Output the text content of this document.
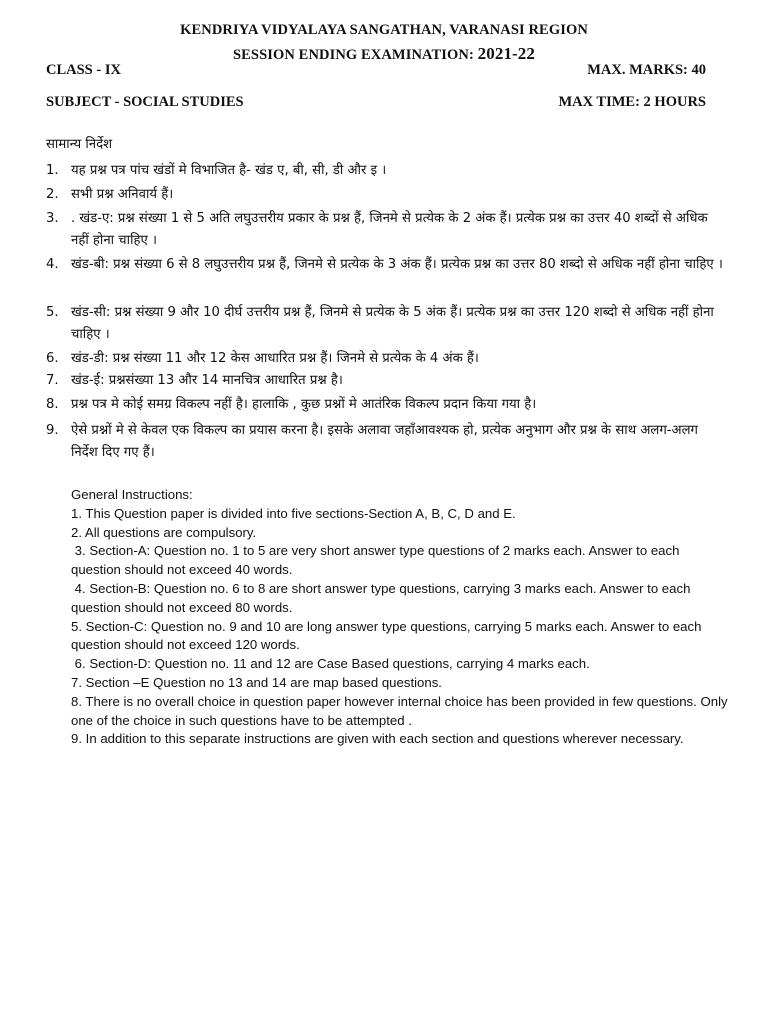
KENDRIYA VIDYALAYA SANGATHAN, VARANASI REGION
SESSION ENDING EXAMINATION: 2021-22
CLASS - IX	MAX. MARKS: 40
SUBJECT - SOCIAL STUDIES	MAX TIME: 2 HOURS
सामान्य निर्देश
1. यह प्रश्न पत्र पांच खंडों मे विभाजित है- खंड ए, बी, सी, डी और इ ।
2. सभी प्रश्न अनिवार्य हैं।
3. . खंड-ए: प्रश्न संख्या 1 से 5 अति लघुउत्तरीय प्रकार के प्रश्न हैं, जिनमे से प्रत्येक के 2 अंक हैं। प्रत्येक प्रश्न का उत्तर 40 शब्दों से अधिक नहीं होना चाहिए ।
4. खंड-बी: प्रश्न संख्या 6 से 8 लघुउत्तरीय प्रश्न हैं, जिनमे से प्रत्येक के 3 अंक हैं। प्रत्येक प्रश्न का उत्तर 80 शब्दो से अधिक नहीं होना चाहिए ।
5. खंड-सी: प्रश्न संख्या 9 और 10 दीर्घ उत्तरीय प्रश्न हैं, जिनमे से प्रत्येक के 5 अंक हैं। प्रत्येक प्रश्न का उत्तर 120 शब्दो से अधिक नहीं होना चाहिए ।
6. खंड-डी: प्रश्न संख्या 11 और 12 केस आधारित प्रश्न हैं। जिनमे से प्रत्येक के 4 अंक हैं।
7. खंड-ई: प्रश्नसंख्या 13 और 14 मानचित्र आधारित प्रश्न है।
8. प्रश्न पत्र मे कोई समग्र विकल्प नहीं है। हालाकि , कुछ प्रश्नों मे आतंरिक विकल्प प्रदान किया गया है।
9. ऐसे प्रश्नों मे से केवल एक विकल्प का प्रयास करना है। इसके अलावा जहाँआवश्यक हो, प्रत्येक अनुभाग और प्रश्न के साथ अलग-अलग निर्देश दिए गए हैं।
General Instructions:
1. This Question paper is divided into five sections-Section A, B, C, D and E.
2. All questions are compulsory.
3. Section-A: Question no. 1 to 5 are very short answer type questions of 2 marks each. Answer to each question should not exceed 40 words.
4. Section-B: Question no. 6 to 8 are short answer type questions, carrying 3 marks each. Answer to each question should not exceed 80 words.
5. Section-C: Question no. 9 and 10 are long answer type questions, carrying 5 marks each. Answer to each question should not exceed 120 words.
6. Section-D: Question no. 11 and 12 are Case Based questions, carrying 4 marks each.
7. Section –E Question no 13 and 14 are map based questions.
8. There is no overall choice in question paper however internal choice has been provided in few questions. Only one of the choice in such questions have to be attempted .
9. In addition to this separate instructions are given with each section and questions wherever necessary.
